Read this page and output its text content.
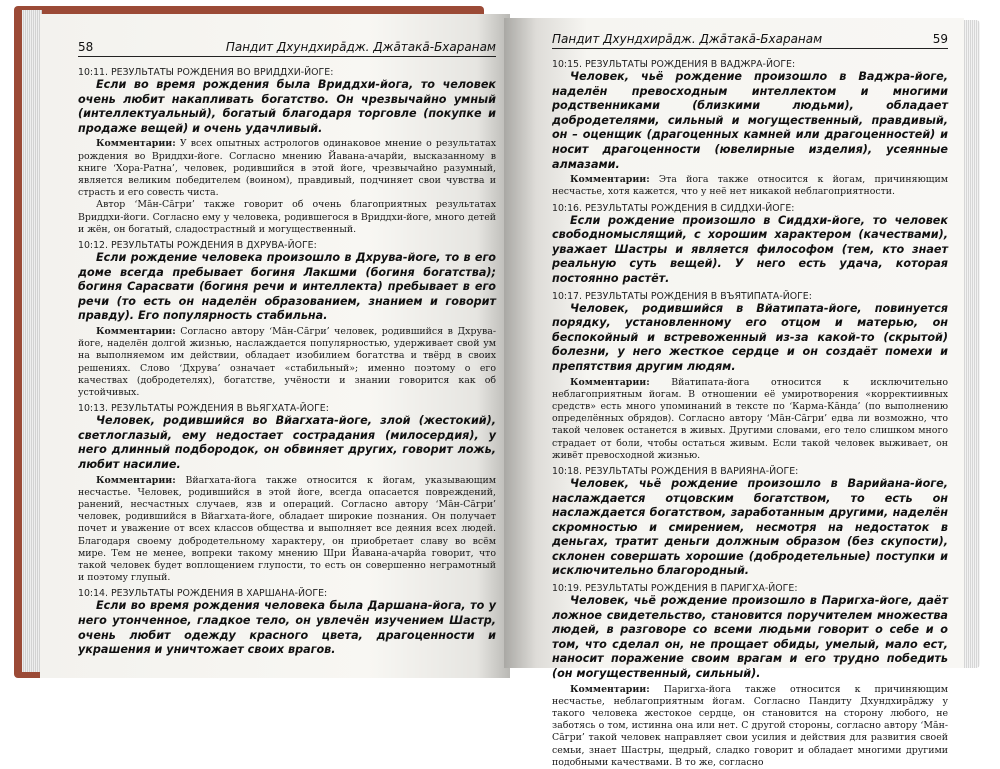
58	Пандит Дхундхира̄дж. Джа̄така̄-Бхаранам
10:11. РЕЗУЛЬТАТЫ РОЖДЕНИЯ ВО ВРИДДХИ-ЙОГЕ:
Если во время рождения была Вриддхи-йога, то человек очень любит накапливать богатство. Он чрезвычайно умный (интеллектуальный), богатый благодаря торговле (покупке и продаже вещей) и очень удачливый.

Комментарии: У всех опытных астрологов одинаковое мнение о результатах рождения во Вриддхи-йоге. Согласно мнению Йавана-ачарйи, высказанному в книге ‘Хора-Ратна’, человек, родившийся в этой йоге, чрезвычайно разумный, является великим победителем (воином), правдивый, подчиняет свои чувства и страсть и его совесть чиста.

Автор ‘Ма̄н-Са̄гри’ также говорит об очень благоприятных результатах Вриддхи-йоги. Согласно ему у человека, родившегося в Вриддхи-йоге, много детей и жён, он богатый, сладострастный и могущественный.

10:12. РЕЗУЛЬТАТЫ РОЖДЕНИЯ В ДХРУВА-ЙОГЕ:
Если рождение человека произошло в Дхрува-йоге, то в его доме всегда пребывает богиня Лакшми (богиня богатства); богиня Сарасвати (богиня речи и интеллекта) пребывает в его речи (то есть он наделён образованием, знанием и говорит правду). Его популярность стабильна.

Комментарии: Согласно автору ‘Ма̄н-Са̄гри’ человек, родившийся в Дхрува-йоге, наделён долгой жизнью, наслаждается популярностью, удерживает свой ум на выполняемом им действии, обладает изобилием богатства и твёрд в своих решениях. Слово ‘Дхрува’ означает «стабильный»; именно поэтому о его качествах (добродетелях), богатстве, учёности и знании говорится как об устойчивых.

10:13. РЕЗУЛЬТАТЫ РОЖДЕНИЯ В ВЬЯГХАТА-ЙОГЕ:
Человек, родившийся во Вйагхата-йоге, злой (жестокий), светлоглазый, ему недостает сострадания (милосердия), у него длинный подбородок, он обвиняет других, говорит ложь, любит насилие.

Комментарии: Вйагхата-йога также относится к йогам, указывающим несчастье. Человек, родившийся в этой йоге, всегда опасается повреждений, ранений, несчастных случаев, язв и операций. Согласно автору ‘Ма̄н-Са̄гри’ человек, родившийся в Вйагхата-йоге, обладает широкие познания. Он получает почет и уважение от всех классов общества и выполняет все деяния всех людей. Благодаря своему добродетельному характеру, он приобретает славу во всём мире. Тем не менее, вопреки такому мнению Шри Йавана-ачарйа говорит, что такой человек будет воплощением глупости, то есть он совершенно неграмотный и поэтому глупый.

10:14. РЕЗУЛЬТАТЫ РОЖДЕНИЯ В ХАРШАНА-ЙОГЕ:
Если во время рождения человека была Даршана-йога, то у него утонченное, гладкое тело, он увлечён изучением Шастр, очень любит одежду красного цвета, драгоценности и украшения и уничтожает своих врагов.
Пандит Дхундхира̄дж. Джа̄така̄-Бхаранам	59
10:15. РЕЗУЛЬТАТЫ РОЖДЕНИЯ В ВАДЖРА-ЙОГЕ:
Человек, чьё рождение произошло в Ваджра-йоге, наделён превосходным интеллектом и многими родственниками (близкими людьми), обладает добродетелями, сильный и могущественный, правдивый, он – оценщик (драгоценных камней или драгоценностей) и носит драгоценности (ювелирные изделия), усеянные алмазами.

Комментарии: Эта йога также относится к йогам, причиняющим несчастье, хотя кажется, что у неё нет никакой неблагоприятности.

10:16. РЕЗУЛЬТАТЫ РОЖДЕНИЯ В СИДДХИ-ЙОГЕ:
Если рождение произошло в Сиддхи-йоге, то человек свободномыслящий, с хорошим характером (качествами), уважает Шастры и является философом (тем, кто знает реальную суть вещей). У него есть удача, которая постоянно растёт.
10:17. РЕЗУЛЬТАТЫ РОЖДЕНИЯ В ВЪЯТИПАТА-ЙОГЕ:
Человек, родившийся в Вйатипата-йоге, повинуется порядку, установленному его отцом и матерью, он беспокойный и встревоженный из-за какой-то (скрытой) болезни, у него жесткое сердце и он создаёт помехи и препятствия другим людям.

Комментарии: Вйатипата-йога относится к исключительно неблагоприятным йогам. В отношении её умиротворения «корректиивных средств» есть много упоминаний в тексте по ‘Карма-Ка̄нда’ (по выполнению определённых обрядов). Согласно автору ‘Ма̄н-Са̄гри’ едва ли возможно, что такой человек останется в живых. Другими словами, его тело слишком много страдает от боли, чтобы остаться живым. Если такой человек выживает, он живёт превосходной жизнью.

10:18. РЕЗУЛЬТАТЫ РОЖДЕНИЯ В ВАРИЯНА-ЙОГЕ:
Человек, чьё рождение произошло в Варийана-йоге, наслаждается отцовским богатством, то есть он наслаждается богатством, заработанным другими, наделён скромностью и смирением, несмотря на недостаток в деньгах, тратит деньги должным образом (без скупости), склонен совершать хорошие (добродетельные) поступки и исключительно благородный.
10:19. РЕЗУЛЬТАТЫ РОЖДЕНИЯ В ПАРИГХА-ЙОГЕ:
Человек, чьё рождение произошло в Паригха-йоге, даёт ложное свидетельство, становится поручителем множества людей, в разговоре со всеми людьми говорит о себе и о том, что сделал он, не прощает обиды, умелый, мало ест, наносит поражение своим врагам и его трудно победить (он могущественный, сильный).

Комментарии: Паригха-йога также относится к причиняющим несчастье, неблагоприятным йогам. Согласно Пандиту Дхундхира̄джу у такого человека жестокое сердце, он становится на сторону любого, не заботясь о том, истинна она или нет. С другой стороны, согласно автору ‘Ма̄н-Са̄гри’ такой человек направляет свои усилия и действия для развития своей семьи, знает Шастры, щедрый, сладко говорит и обладает многими другими подобными качествами. В то же, согласно
